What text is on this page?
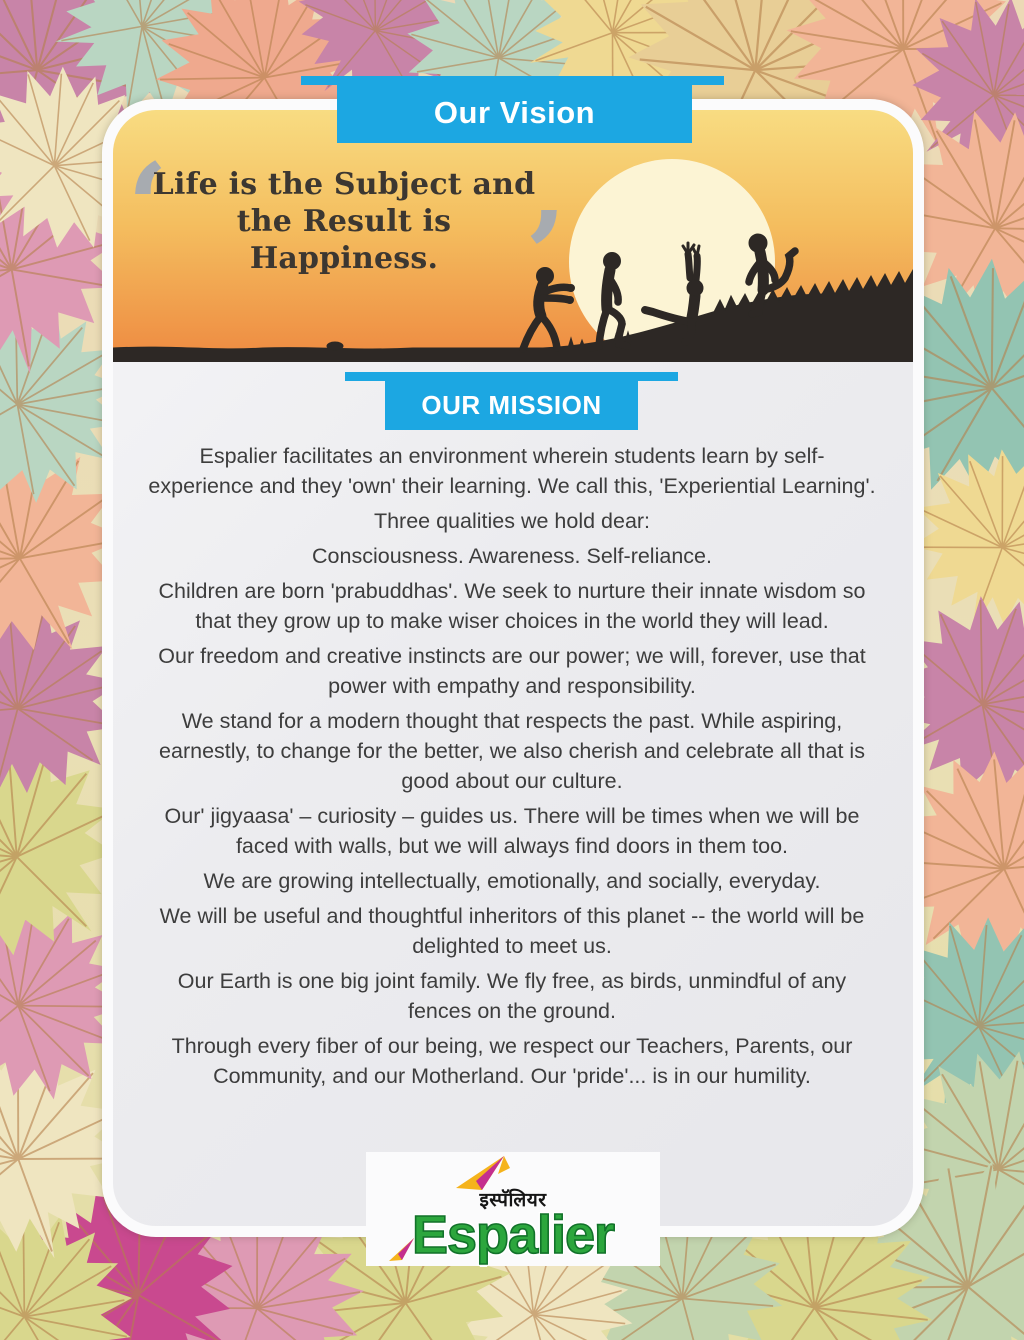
‘
Life is the Subject and
the Result is Happiness. ’
Our Vision
OUR MISSION

Espalier facilitates an environment wherein students learn by self-experience and they 'own' their learning. We call this, 'Experiential Learning'.

Three qualities we hold dear:

Consciousness. Awareness. Self-reliance.

Children are born 'prabuddhas'. We seek to nurture their innate wisdom so that they grow up to make wiser choices in the world they will lead.

Our freedom and creative instincts are our power; we will, forever, use that power with empathy and responsibility.

We stand for a modern thought that respects the past. While aspiring, earnestly, to change for the better, we also cherish and celebrate all that is good about our culture.

Our' jigyaasa' – curiosity – guides us. There will be times when we will be faced with walls, but we will always find doors in them too.

We are growing intellectually, emotionally, and socially, everyday.

We will be useful and thoughtful inheritors of this planet -- the world will be delighted to meet us.

Our Earth is one big joint family. We fly free, as birds, unmindful of any fences on the ground.

Through every fiber of our being, we respect our Teachers, Parents, our Community, and our Motherland. Our 'pride'... is in our humility.

इस्पॅलियर
Espalier
